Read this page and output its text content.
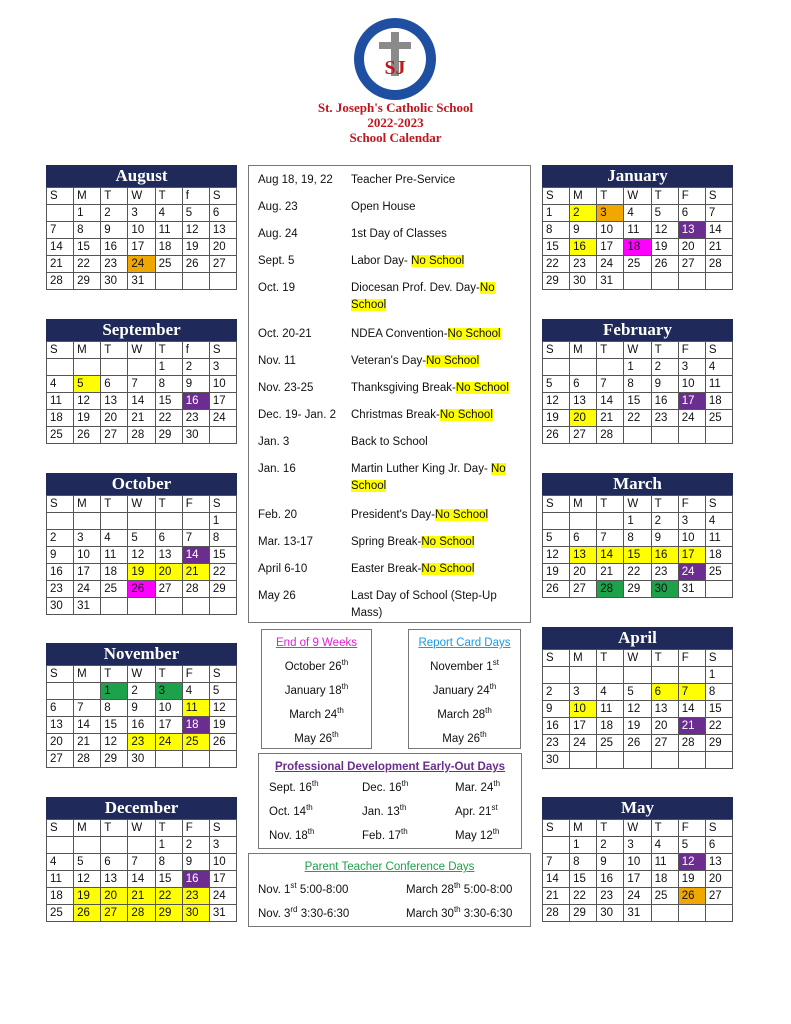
SJ
St. Joseph's Catholic School
2022-2023
School Calendar
August
S	M	T	W	T	f	S
	1	2	3	4	5	6
7	8	9	10	11	12	13
14	15	16	17	18	19	20
21	22	23	24	25	26	27
28	29	30	31			
September
S	M	T	W	T	f	S
				1	2	3
4	5	6	7	8	9	10
11	12	13	14	15	16	17
18	19	20	21	22	23	24
25	26	27	28	29	30	
October
S	M	T	W	T	F	S
						1
2	3	4	5	6	7	8
9	10	11	12	13	14	15
16	17	18	19	20	21	22
23	24	25	26	27	28	29
30	31					
November
S	M	T	W	T	F	S
		1	2	3	4	5
6	7	8	9	10	11	12
13	14	15	16	17	18	19
20	21	12	23	24	25	26
27	28	29	30			
December
S	M	T	W	T	F	S
				1	2	3
4	5	6	7	8	9	10
11	12	13	14	15	16	17
18	19	20	21	22	23	24
25	26	27	28	29	30	31
January
S	M	T	W	T	F	S
1	2	3	4	5	6	7
8	9	10	11	12	13	14
15	16	17	18	19	20	21
22	23	24	25	26	27	28
29	30	31				
February
S	M	T	W	T	F	S
			1	2	3	4
5	6	7	8	9	10	11
12	13	14	15	16	17	18
19	20	21	22	23	24	25
26	27	28				
March
S	M	T	W	T	F	S
			1	2	3	4
5	6	7	8	9	10	11
12	13	14	15	16	17	18
19	20	21	22	23	24	25
26	27	28	29	30	31	
April
S	M	T	W	T	F	S
						1
2	3	4	5	6	7	8
9	10	11	12	13	14	15
16	17	18	19	20	21	22
23	24	25	26	27	28	29
30						
May
S	M	T	W	T	F	S
	1	2	3	4	5	6
7	8	9	10	11	12	13
14	15	16	17	18	19	20
21	22	23	24	25	26	27
28	29	30	31			
Aug 18, 19, 22	Teacher Pre-Service
Aug. 23	Open House
Aug. 24	1st Day of Classes
Sept. 5	Labor Day- No School
Oct. 19	Diocesan Prof. Dev. Day-No School
Oct. 20-21	NDEA Convention-No School
Nov. 11	Veteran's Day-No School
Nov. 23-25	Thanksgiving Break-No School
Dec. 19- Jan. 2	Christmas Break-No School
Jan. 3	Back to School
Jan. 16	Martin Luther King Jr. Day- No School
Feb. 20	President's Day-No School
Mar. 13-17	Spring Break-No School
April 6-10	Easter Break-No School
May 26	Last Day of School (Step-Up Mass)
End of 9 Weeks
October 26th
January 18th
March 24th
May 26th
Report Card Days
November 1st
January 24th
March 28th
May 26th
Professional Development Early-Out Days
Sept. 16th	Dec. 16th	Mar. 24th
Oct. 14th	Jan. 13th	Apr. 21st
Nov. 18th	Feb. 17th	May 12th
Parent Teacher Conference Days
Nov. 1st 5:00-8:00	March 28th 5:00-8:00
Nov. 3rd 3:30-6:30	March 30th 3:30-6:30
